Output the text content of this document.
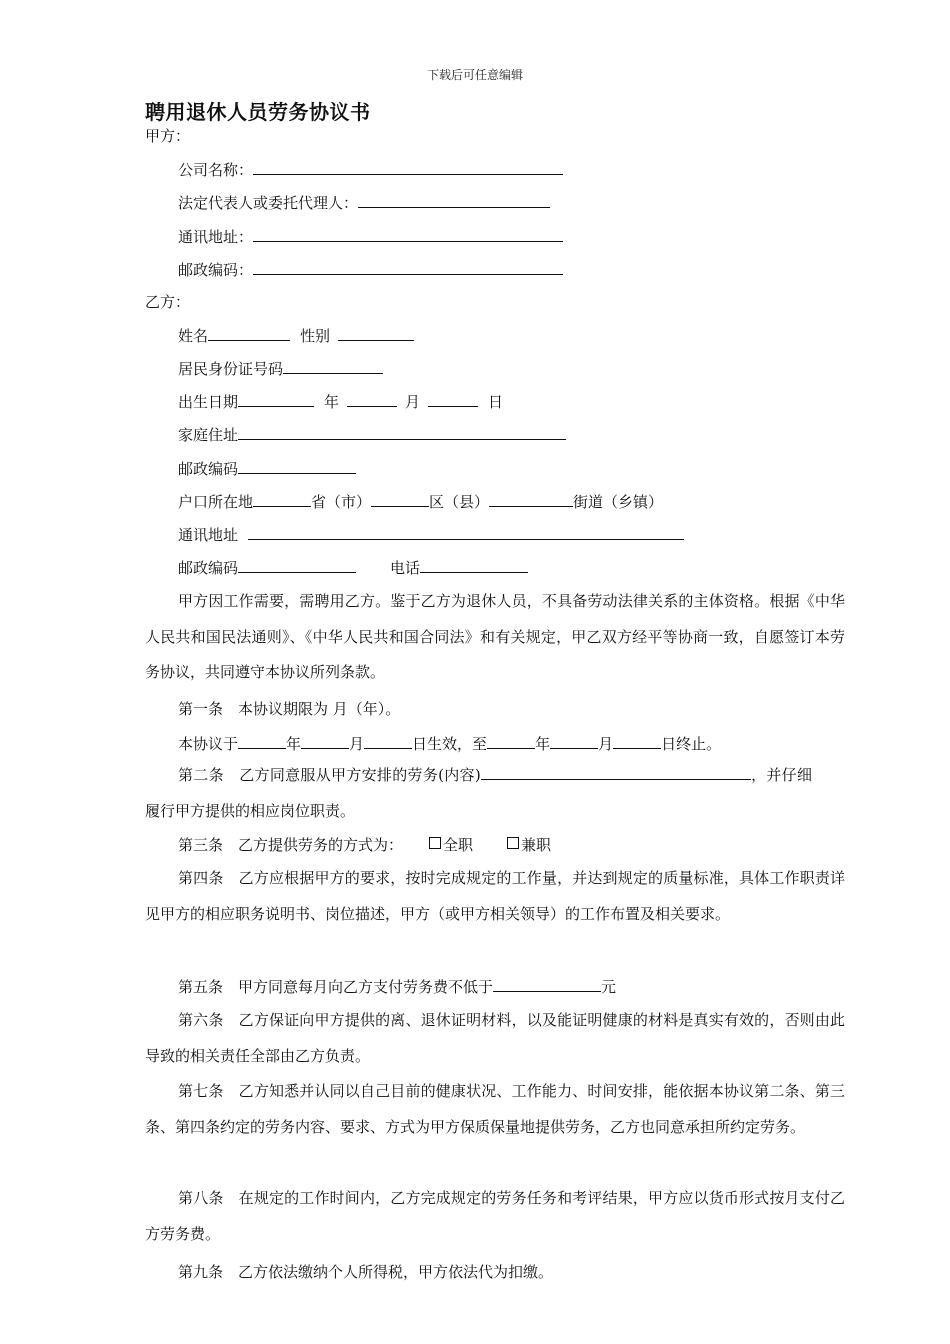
下载后可任意编辑
聘用退休人员劳务协议书
甲方：
公司名称：
法定代表人或委托代理人：
通讯地址：
邮政编码：
乙方：
姓名	性别
居民身份证号码
出生日期	年	月	日
家庭住址
邮政编码
户口所在地	省（市）	区（县）	街道（乡镇）
通讯地址
邮政编码	电话
甲方因工作需要，需聘用乙方。鉴于乙方为退休人员，不具备劳动法律关系的主体资格。根据《中华人民共和国民法通则》、《中华人民共和国合同法》和有关规定，甲乙双方经平等协商一致，自愿签订本劳务协议，共同遵守本协议所列条款。
第一条　本协议期限为 月（年）。
本协议于	年	月	日生效，至	年	月	日终止。
第二条　乙方同意服从甲方安排的劳务(内容)	，并仔细履行甲方提供的相应岗位职责。
第三条　乙方提供劳务的方式为：	全职	兼职
第四条　乙方应根据甲方的要求，按时完成规定的工作量，并达到规定的质量标准，具体工作职责详见甲方的相应职务说明书、岗位描述，甲方（或甲方相关领导）的工作布置及相关要求。
第五条　甲方同意每月向乙方支付劳务费不低于	元
第六条　乙方保证向甲方提供的离、退休证明材料，以及能证明健康的材料是真实有效的，否则由此导致的相关责任全部由乙方负责。
第七条　乙方知悉并认同以自己目前的健康状况、工作能力、时间安排，能依据本协议第二条、第三条、第四条约定的劳务内容、要求、方式为甲方保质保量地提供劳务，乙方也同意承担所约定劳务。
第八条　在规定的工作时间内，乙方完成规定的劳务任务和考评结果，甲方应以货币形式按月支付乙方劳务费。
第九条　乙方依法缴纳个人所得税，甲方依法代为扣缴。
